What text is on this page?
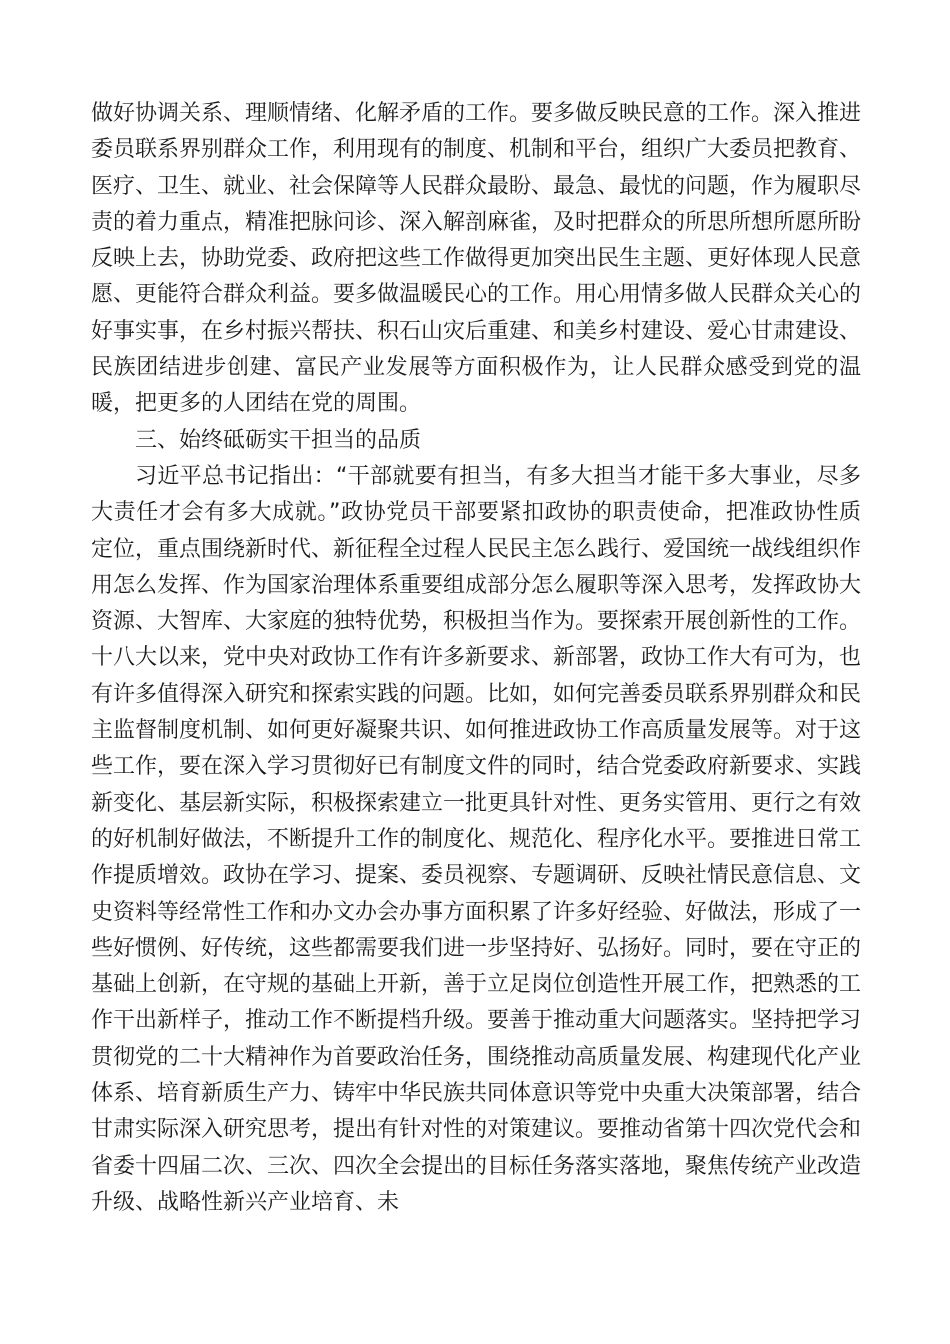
做好协调关系、理顺情绪、化解矛盾的工作。要多做反映民意的工作。深入推进委员联系界别群众工作，利用现有的制度、机制和平台，组织广大委员把教育、医疗、卫生、就业、社会保障等人民群众最盼、最急、最忧的问题，作为履职尽责的着力重点，精准把脉问诊、深入解剖麻雀，及时把群众的所思所想所愿所盼反映上去，协助党委、政府把这些工作做得更加突出民生主题、更好体现人民意愿、更能符合群众利益。要多做温暖民心的工作。用心用情多做人民群众关心的好事实事，在乡村振兴帮扶、积石山灾后重建、和美乡村建设、爱心甘肃建设、民族团结进步创建、富民产业发展等方面积极作为，让人民群众感受到党的温暖，把更多的人团结在党的周围。

三、始终砥砺实干担当的品质

习近平总书记指出：“干部就要有担当，有多大担当才能干多大事业，尽多大责任才会有多大成就。”政协党员干部要紧扣政协的职责使命，把准政协性质定位，重点围绕新时代、新征程全过程人民民主怎么践行、爱国统一战线组织作用怎么发挥、作为国家治理体系重要组成部分怎么履职等深入思考，发挥政协大资源、大智库、大家庭的独特优势，积极担当作为。要探索开展创新性的工作。十八大以来，党中央对政协工作有许多新要求、新部署，政协工作大有可为，也有许多值得深入研究和探索实践的问题。比如，如何完善委员联系界别群众和民主监督制度机制、如何更好凝聚共识、如何推进政协工作高质量发展等。对于这些工作，要在深入学习贯彻好已有制度文件的同时，结合党委政府新要求、实践新变化、基层新实际，积极探索建立一批更具针对性、更务实管用、更行之有效的好机制好做法，不断提升工作的制度化、规范化、程序化水平。要推进日常工作提质增效。政协在学习、提案、委员视察、专题调研、反映社情民意信息、文史资料等经常性工作和办文办会办事方面积累了许多好经验、好做法，形成了一些好惯例、好传统，这些都需要我们进一步坚持好、弘扬好。同时，要在守正的基础上创新，在守规的基础上开新，善于立足岗位创造性开展工作，把熟悉的工作干出新样子，推动工作不断提档升级。要善于推动重大问题落实。坚持把学习贯彻党的二十大精神作为首要政治任务，围绕推动高质量发展、构建现代化产业体系、培育新质生产力、铸牢中华民族共同体意识等党中央重大决策部署，结合甘肃实际深入研究思考，提出有针对性的对策建议。要推动省第十四次党代会和省委十四届二次、三次、四次全会提出的目标任务落实落地，聚焦传统产业改造升级、战略性新兴产业培育、未
